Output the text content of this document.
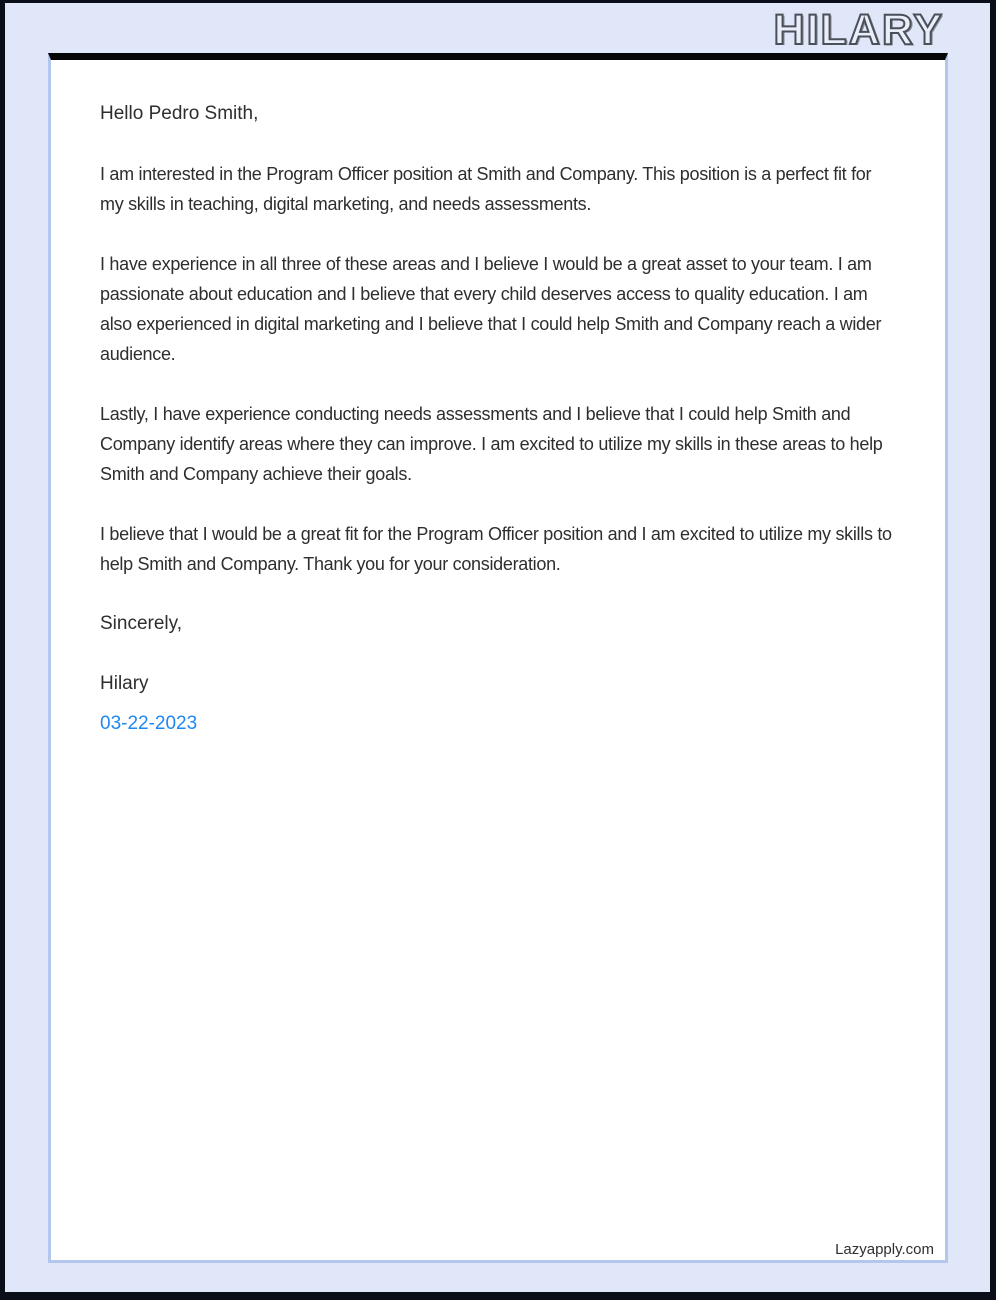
HILARY

Hello Pedro Smith,

I am interested in the Program Officer position at Smith and Company. This position is a perfect fit for my skills in teaching, digital marketing, and needs assessments.

I have experience in all three of these areas and I believe I would be a great asset to your team. I am passionate about education and I believe that every child deserves access to quality education. I am also experienced in digital marketing and I believe that I could help Smith and Company reach a wider audience.

Lastly, I have experience conducting needs assessments and I believe that I could help Smith and Company identify areas where they can improve. I am excited to utilize my skills in these areas to help Smith and Company achieve their goals.

I believe that I would be a great fit for the Program Officer position and I am excited to utilize my skills to help Smith and Company. Thank you for your consideration.

Sincerely,

Hilary

03-22-2023

Lazyapply.com
